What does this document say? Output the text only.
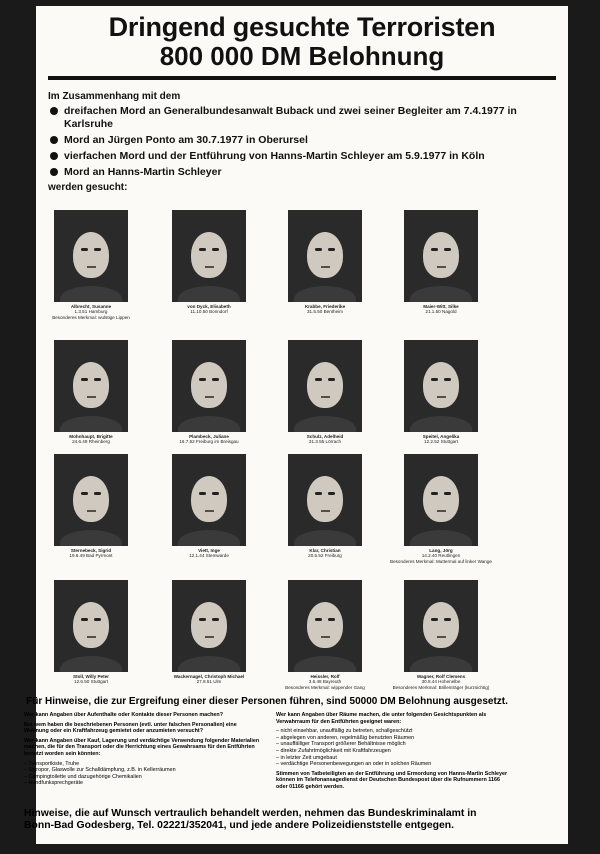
Dringend gesuchte Terroristen
800 000 DM Belohnung
Im Zusammenhang mit dem
dreifachen Mord an Generalbundesanwalt Buback und zwei seiner Begleiter am 7.4.1977 in Karlsruhe
Mord an Jürgen Ponto am 30.7.1977 in Oberursel
vierfachen Mord und der Entführung von Hanns-Martin Schleyer am 5.9.1977 in Köln
Mord an Hanns-Martin Schleyer
werden gesucht:
Albrecht, Susanne
1.3.51 Hamburg
Besonderes Merkmal: wulstige Lippen
von Dyck, Elisabeth
11.10.50 Bonndorf
Krabbe, Friederike
31.5.50 Bentheim
Maier-Witt, Silke
21.1.50 Nagold
Mohnhaupt, Brigitte
24.6.49 Rheinberg
Plambeck, Juliane
16.7.52 Freiburg im Breisgau
Schulz, Adelheid
31.3.55 Lörrach
Speitel, Angelika
12.2.52 Stuttgart
Sternebeck, Sigrid
19.6.49 Bad Pyrmont
Viett, Inge
12.1.44 Stemwarde
Klar, Christian
20.5.52 Freiburg
Lang, Jörg
14.2.40 Reutlingen
Besonderes Merkmal: Muttermal auf linker Wange
Stoll, Willy Peter
12.6.50 Stuttgart
Wackernagel, Christoph Michael
27.8.51 Ulm
Heissler, Rolf
3.6.48 Bayreuth
Besonderes Merkmal: wippender Gang
Wagner, Rolf Clemens
30.8.44 Hohenelbe
Besonderes Merkmal: Brillenträger (kurzsichtig)
Für Hinweise, die zur Ergreifung einer dieser Personen führen, sind 50000 DM Belohnung ausgesetzt.

Wer kann Angaben über Aufenthalte oder Kontakte dieser Personen machen?

Bei wem haben die beschriebenen Personen (evtl. unter falschen Personalien) eine Wohnung oder ein Kraftfahrzeug gemietet oder anzumieten versucht?

Wer kann Angaben über Kauf, Lagerung und verdächtige Verwendung folgender Materialien machen, die für den Transport oder die Herrichtung eines Gewahrsams für den Entführten benutzt worden sein könnten:

– Transportkiste, Truhe
– Styropor, Glaswolle zur Schalldämpfung, z.B. in Kellerräumen
– Campingtoilette und dazugehörige Chemikalien
– Handfunksprechgeräte

Wer kann Angaben über Räume machen, die unter folgenden Gesichtspunkten als Verwahrraum für den Entführten geeignet waren:

– nicht einsehbar, unauffällig zu betreten, schallgeschützt
– abgelegen von anderen, regelmäßig benutzten Räumen
– unauffälliger Transport größerer Behältnisse möglich
– direkte Zufahrtmöglichkeit mit Kraftfahrzeugen
– in letzter Zeit umgebaut
– verdächtige Personenbewegungen an oder in solchen Räumen

Stimmen von Tatbeteiligten an der Entführung und Ermordung von Hanns-Martin Schleyer können im Telefonansagedienst der Deutschen Bundespost über die Rufnummern 1166 oder 01166 gehört werden.

Hinweise, die auf Wunsch vertraulich behandelt werden, nehmen das Bundeskriminalamt in
Bonn-Bad Godesberg, Tel. 02221/352041, und jede andere Polizeidienststelle entgegen.
